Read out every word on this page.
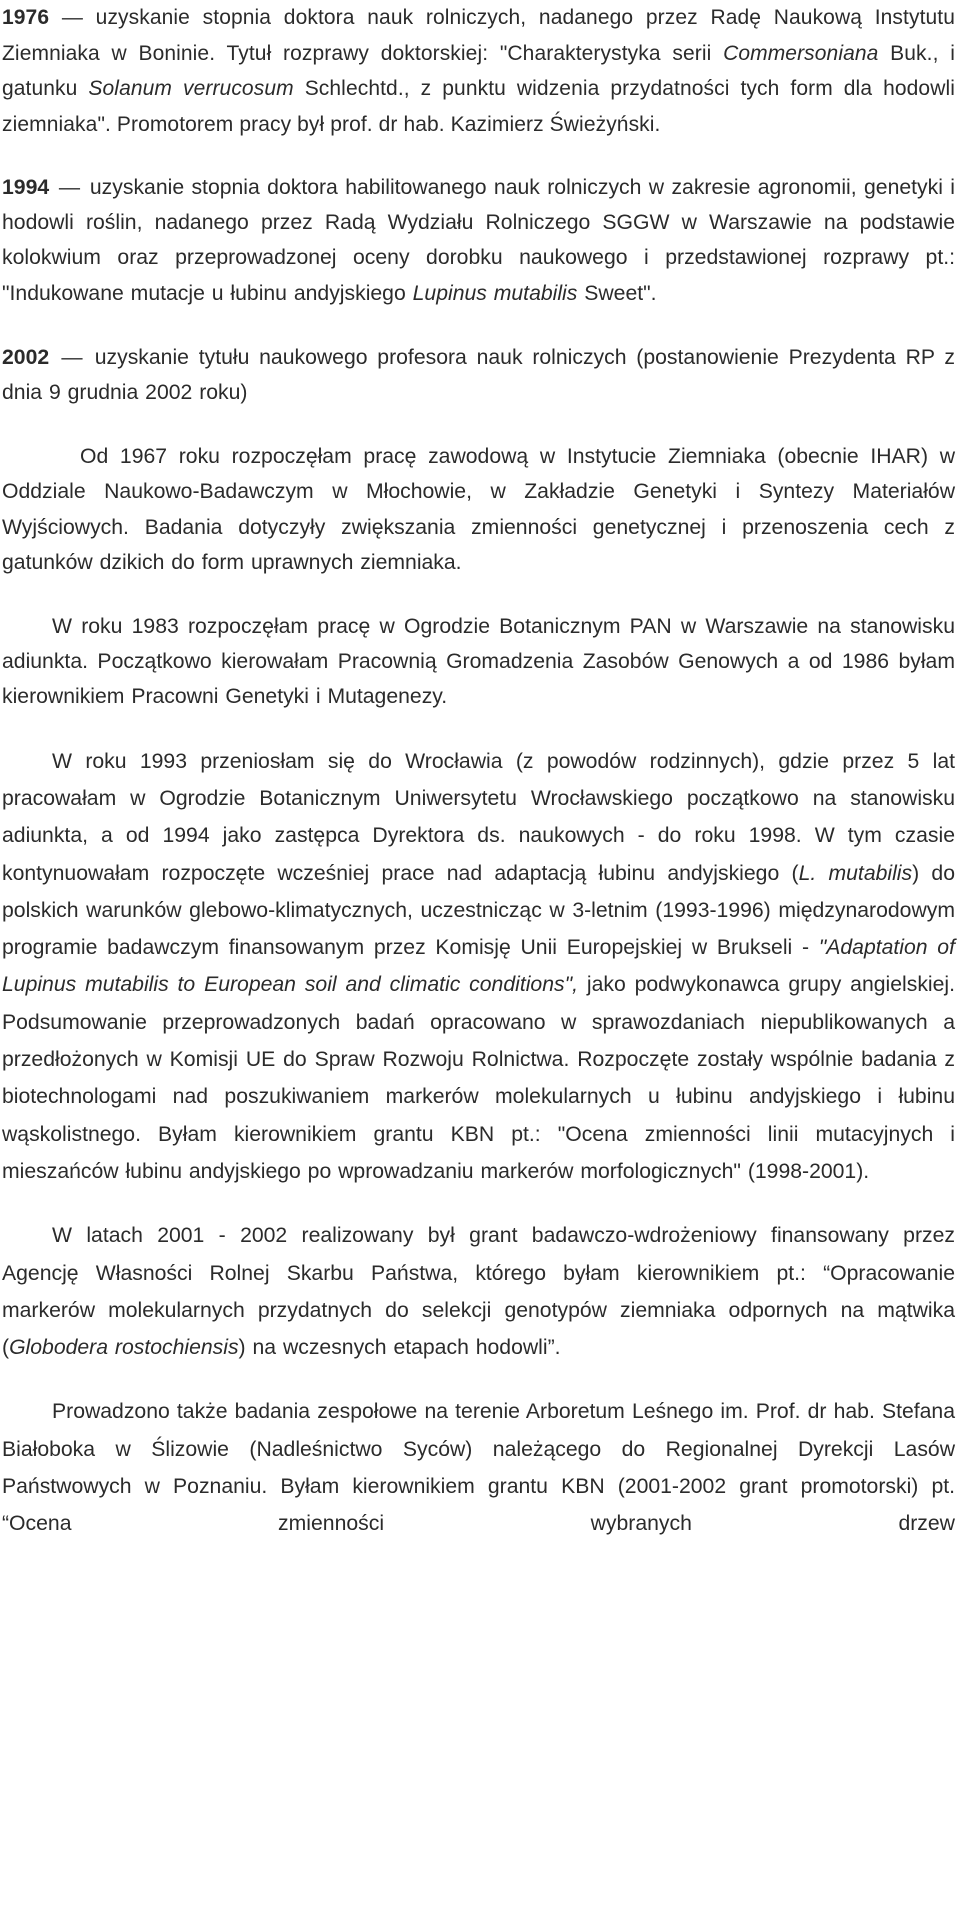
1976 — uzyskanie stopnia doktora nauk rolniczych, nadanego przez Radę Naukową Instytutu Ziemniaka w Boninie. Tytuł rozprawy doktorskiej: "Charakterystyka serii Commersoniana Buk., i gatunku Solanum verrucosum Schlechtd., z punktu widzenia przydatności tych form dla hodowli ziemniaka". Promotorem pracy był prof. dr hab. Kazimierz Świeżyński.

1994 — uzyskanie stopnia doktora habilitowanego nauk rolniczych w zakresie agronomii, genetyki i hodowli roślin, nadanego przez Radą Wydziału Rolniczego SGGW w Warszawie na podstawie kolokwium oraz przeprowadzonej oceny dorobku naukowego i przedstawionej rozprawy pt.: "Indukowane mutacje u łubinu andyjskiego Lupinus mutabilis Sweet".

2002 — uzyskanie tytułu naukowego profesora nauk rolniczych (postanowienie Prezydenta RP z dnia 9 grudnia 2002 roku)

Od 1967 roku rozpoczęłam pracę zawodową w Instytucie Ziemniaka (obecnie IHAR) w Oddziale Naukowo-Badawczym w Młochowie, w Zakładzie Genetyki i Syntezy Materiałów Wyjściowych. Badania dotyczyły zwiększania zmienności genetycznej i przenoszenia cech z gatunków dzikich do form uprawnych ziemniaka.

W roku 1983 rozpoczęłam pracę w Ogrodzie Botanicznym PAN w Warszawie na stanowisku adiunkta. Początkowo kierowałam Pracownią Gromadzenia Zasobów Genowych a od 1986 byłam kierownikiem Pracowni Genetyki i Mutagenezy.

W roku 1993 przeniosłam się do Wrocławia (z powodów rodzinnych), gdzie przez 5 lat pracowałam w Ogrodzie Botanicznym Uniwersytetu Wrocławskiego początkowo na stanowisku adiunkta, a od 1994 jako zastępca Dyrektora ds. naukowych - do roku 1998. W tym czasie kontynuowałam rozpoczęte wcześniej prace nad adaptacją łubinu andyjskiego (L. mutabilis) do polskich warunków glebowo-klimatycznych, uczestnicząc w 3-letnim (1993-1996) międzynarodowym programie badawczym finansowanym przez Komisję Unii Europejskiej w Brukseli - "Adaptation of Lupinus mutabilis to European soil and climatic conditions", jako podwykonawca grupy angielskiej. Podsumowanie przeprowadzonych badań opracowano w sprawozdaniach niepublikowanych a przedłożonych w Komisji UE do Spraw Rozwoju Rolnictwa. Rozpoczęte zostały wspólnie badania z biotechnologami nad poszukiwaniem markerów molekularnych u łubinu andyjskiego i łubinu wąskolistnego. Byłam kierownikiem grantu KBN pt.: "Ocena zmienności linii mutacyjnych i mieszańców łubinu andyjskiego po wprowadzaniu markerów morfologicznych" (1998-2001).

W latach 2001 - 2002 realizowany był grant badawczo-wdrożeniowy finansowany przez Agencję Własności Rolnej Skarbu Państwa, którego byłam kierownikiem pt.: “Opracowanie markerów molekularnych przydatnych do selekcji genotypów ziemniaka odpornych na mątwika (Globodera rostochiensis) na wczesnych etapach hodowli”.

Prowadzono także badania zespołowe na terenie Arboretum Leśnego im. Prof. dr hab. Stefana Białoboka w Ślizowie (Nadleśnictwo Syców) należącego do Regionalnej Dyrekcji Lasów Państwowych w Poznaniu. Byłam kierownikiem grantu KBN (2001-2002 grant promotorski) pt. “Ocena zmienności wybranych drzew
